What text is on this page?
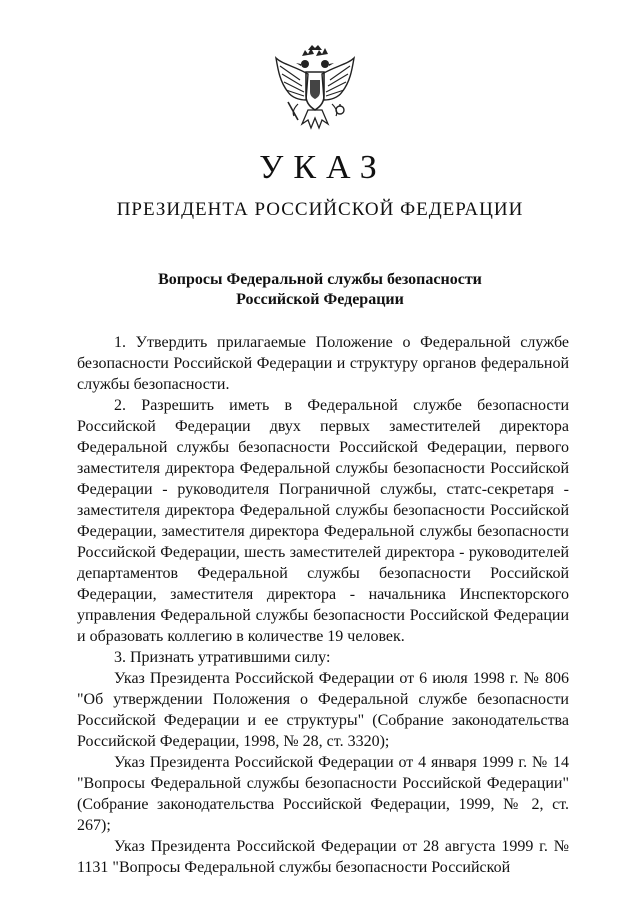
УКАЗ
ПРЕЗИДЕНТА РОССИЙСКОЙ ФЕДЕРАЦИИ
Вопросы Федеральной службы безопасности
Российской Федерации

1. Утвердить прилагаемые Положение о Федеральной службе безопасности Российской Федерации и структуру органов федеральной службы безопасности.

2. Разрешить иметь в Федеральной службе безопасности Российской Федерации двух первых заместителей директора Федеральной службы безопасности Российской Федерации, первого заместителя директора Федеральной службы безопасности Российской Федерации - руководителя Пограничной службы, статс-секретаря - заместителя директора Федеральной службы безопасности Российской Федерации, заместителя директора Федеральной службы безопасности Российской Федерации, шесть заместителей директора - руководителей департаментов Федеральной службы безопасности Российской Федерации, заместителя директора - начальника Инспекторского управления Федеральной службы безопасности Российской Федерации и образовать коллегию в количестве 19 человек.

3. Признать утратившими силу:

Указ Президента Российской Федерации от 6 июля 1998 г. № 806 "Об утверждении Положения о Федеральной службе безопасности Российской Федерации и ее структуры" (Собрание законодательства Российской Федерации, 1998, № 28, ст. 3320);

Указ Президента Российской Федерации от 4 января 1999 г. № 14 "Вопросы Федеральной службы безопасности Российской Федерации" (Собрание законодательства Российской Федерации, 1999, № 2, ст. 267);

Указ Президента Российской Федерации от 28 августа 1999 г. № 1131 "Вопросы Федеральной службы безопасности Российской
